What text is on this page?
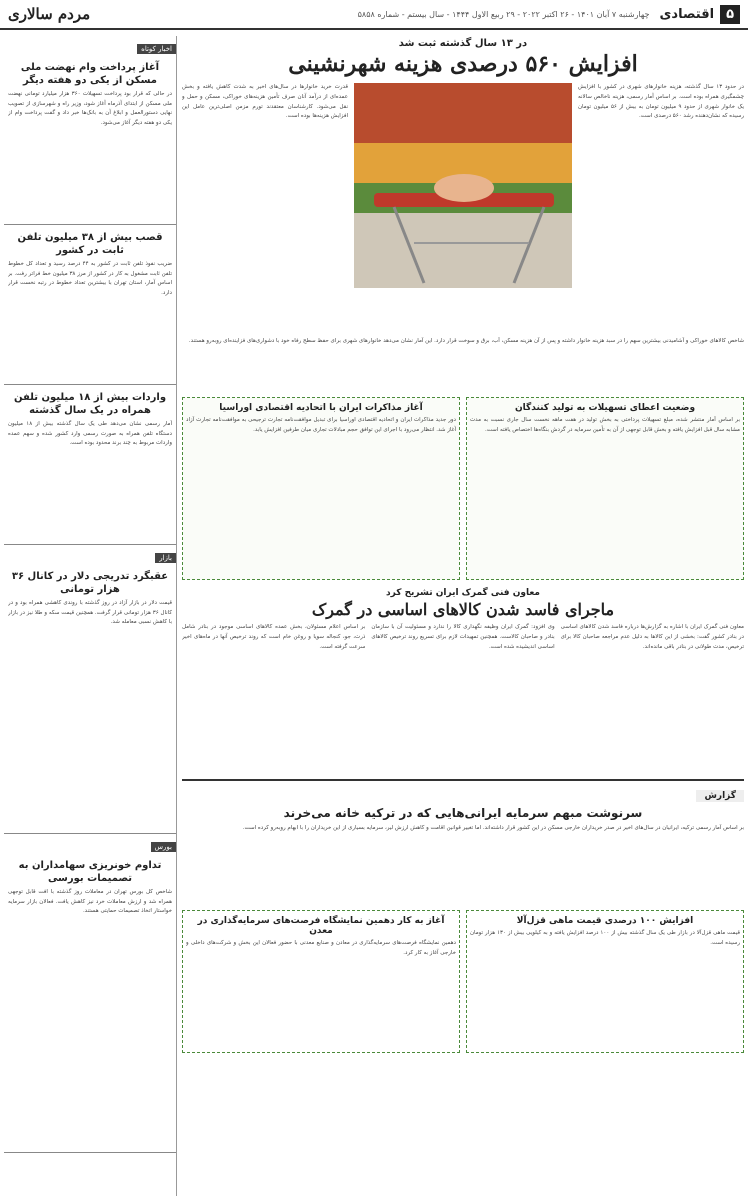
۵
اقتصادی
چهارشنبه ۷ آبان ۱۴۰۱ - ۲۶ اکتبر ۲۰۲۲ - ۲۹ ربیع الاول ۱۴۴۴ - سال بیستم - شماره ۵۸۵۸
مردم سالاری
در ۱۳ سال گذشته ثبت شد
افزایش ۵۶۰ درصدی هزینه شهرنشینی
در حدود ۱۳ سال گذشته، هزینه خانوارهای شهری در کشور با افزایش چشمگیری همراه بوده است. بر اساس آمار رسمی، هزینه ناخالص سالانه یک خانوار شهری از حدود ۹ میلیون تومان به بیش از ۵۶ میلیون تومان رسیده که نشان‌دهنده رشد ۵۶۰ درصدی است.
قدرت خرید خانوارها در سال‌های اخیر به شدت کاهش یافته و بخش عمده‌ای از درآمد آنان صرف تأمین هزینه‌های خوراکی، مسکن و حمل و نقل می‌شود. کارشناسان معتقدند تورم مزمن اصلی‌ترین عامل این افزایش هزینه‌ها بوده است.
شاخص کالاهای خوراکی و آشامیدنی بیشترین سهم را در سبد هزینه خانوار داشته و پس از آن هزینه مسکن، آب، برق و سوخت قرار دارد. این آمار نشان می‌دهد خانوارهای شهری برای حفظ سطح رفاه خود با دشواری‌های فزاینده‌ای روبه‌رو هستند.
وضعیت اعطای تسهیلات به تولید کنندگان
بر اساس آمار منتشر شده، مبلغ تسهیلات پرداختی به بخش تولید در هفت ماهه نخست سال جاری نسبت به مدت مشابه سال قبل افزایش یافته و بخش قابل توجهی از آن به تأمین سرمایه در گردش بنگاه‌ها اختصاص یافته است.
آغاز مذاکرات ایران با اتحادیه اقتصادی اوراسیا
دور جدید مذاکرات ایران و اتحادیه اقتصادی اوراسیا برای تبدیل موافقت‌نامه تجارت ترجیحی به موافقت‌نامه تجارت آزاد آغاز شد. انتظار می‌رود با اجرای این توافق حجم مبادلات تجاری میان طرفین افزایش یابد.
معاون فنی گمرک ایران تشریح کرد
ماجرای فاسد شدن کالاهای اساسی در گمرک
معاون فنی گمرک ایران با اشاره به گزارش‌ها درباره فاسد شدن کالاهای اساسی در بنادر کشور گفت: بخشی از این کالاها به دلیل عدم مراجعه صاحبان کالا برای ترخیص، مدت طولانی در بنادر باقی مانده‌اند.
وی افزود: گمرک ایران وظیفه نگهداری کالا را ندارد و مسئولیت آن با سازمان بنادر و صاحبان کالاست. همچنین تمهیدات لازم برای تسریع روند ترخیص کالاهای اساسی اندیشیده شده است.
بر اساس اعلام مسئولان، بخش عمده کالاهای اساسی موجود در بنادر شامل ذرت، جو، کنجاله سویا و روغن خام است که روند ترخیص آنها در ماه‌های اخیر سرعت گرفته است.
گزارش
سرنوشت مبهم سرمایه ایرانی‌هایی که در ترکیه خانه می‌خرند
بر اساس آمار رسمی ترکیه، ایرانیان در سال‌های اخیر در صدر خریداران خارجی مسکن در این کشور قرار داشته‌اند. اما تغییر قوانین اقامت و کاهش ارزش لیر، سرمایه بسیاری از این خریداران را با ابهام روبه‌رو کرده است.
افزایش ۱۰۰ درصدی قیمت ماهی قزل‌آلا
قیمت ماهی قزل‌آلا در بازار طی یک سال گذشته بیش از ۱۰۰ درصد افزایش یافته و به کیلویی بیش از ۱۳۰ هزار تومان رسیده است.
آغاز به کار دهمین نمایشگاه فرصت‌های سرمایه‌گذاری در معدن
دهمین نمایشگاه فرصت‌های سرمایه‌گذاری در معادن و صنایع معدنی با حضور فعالان این بخش و شرکت‌های داخلی و خارجی آغاز به کار کرد.
اخبار کوتاه
آغاز پرداخت وام نهضت ملی مسکن از یکی دو هفته دیگر
در حالی که قرار بود پرداخت تسهیلات ۳۶۰ هزار میلیارد تومانی نهضت ملی مسکن از ابتدای آذرماه آغاز شود، وزیر راه و شهرسازی از تصویب نهایی دستورالعمل و ابلاغ آن به بانک‌ها خبر داد و گفت پرداخت وام از یکی دو هفته دیگر آغاز می‌شود.
قصب بیش از ۳۸ میلیون تلفن ثابت در کشور
ضریب نفوذ تلفن ثابت در کشور به ۴۴ درصد رسید و تعداد کل خطوط تلفن ثابت مشغول به کار در کشور از مرز ۳۸ میلیون خط فراتر رفت. بر اساس آمار، استان تهران با بیشترین تعداد خطوط در رتبه نخست قرار دارد.
واردات بیش از ۱۸ میلیون تلفن همراه در یک سال گذشته
آمار رسمی نشان می‌دهد طی یک سال گذشته بیش از ۱۸ میلیون دستگاه تلفن همراه به صورت رسمی وارد کشور شده و سهم عمده واردات مربوط به چند برند محدود بوده است.
بازار
عقبگرد تدریجی دلار در کانال ۳۶ هزار تومانی
قیمت دلار در بازار آزاد در روز گذشته با روندی کاهشی همراه بود و در کانال ۳۶ هزار تومانی قرار گرفت. همچنین قیمت سکه و طلا نیز در بازار با کاهش نسبی معامله شد.
بورس
تداوم خونریزی سهامداران به تصمیمات بورسی
شاخص کل بورس تهران در معاملات روز گذشته با افت قابل توجهی همراه شد و ارزش معاملات خرد نیز کاهش یافت. فعالان بازار سرمایه خواستار اتخاذ تصمیمات حمایتی هستند.
